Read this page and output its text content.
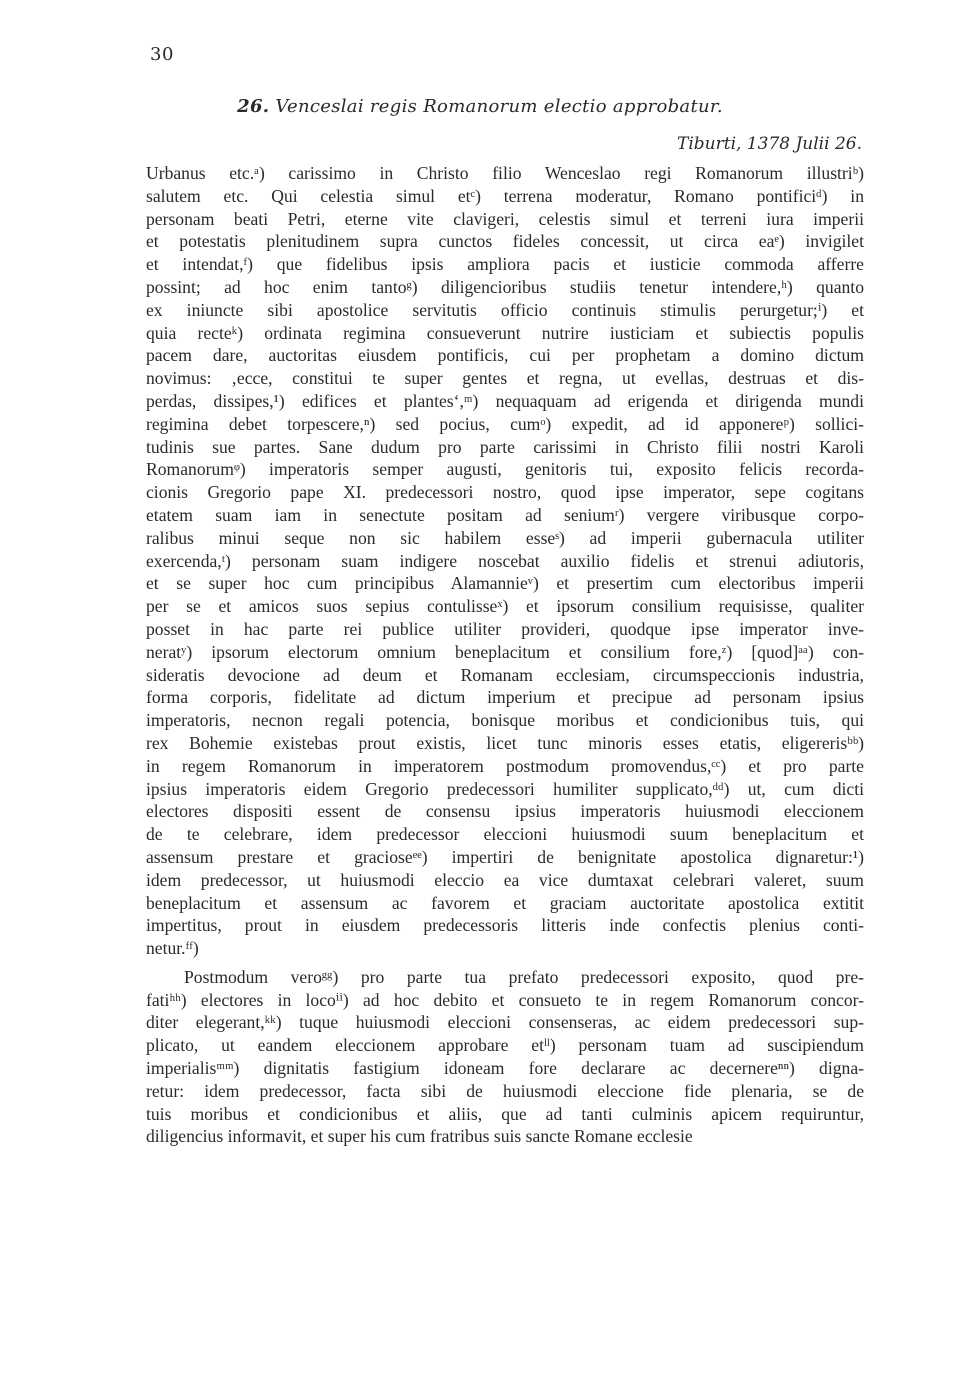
30
26. Venceslai regis Romanorum electio approbatur.
Tiburti, 1378 Julii 26.
Urbanus etc.ᵃ) carissimo in Christo filio Wenceslao regi Romanorum illustriᵇ)
salutem etc. Qui celestia simul etᶜ) terrena moderatur, Romano pontificiᵈ) in
personam beati Petri, eterne vite clavigeri, celestis simul et terreni iura imperii
et potestatis plenitudinem supra cunctos fideles concessit, ut circa eaᵉ) invigilet
et intendat,ᶠ) que fidelibus ipsis ampliora pacis et iusticie commoda afferre
possint; ad hoc enim tantoᵍ) diligencioribus studiis tenetur intendere,ʰ) quanto
ex iniuncte sibi apostolice servitutis officio continuis stimulis perurgetur;ⁱ) et
quia recteᵏ) ordinata regimina consueverunt nutrire iusticiam et subiectis populis
pacem dare, auctoritas eiusdem pontificis, cui per prophetam a domino dictum
novimus: ‚ecce, constitui te super gentes et regna, ut evellas, destruas et dis-
perdas, dissipes,¹) edifices et plantes‘,ᵐ) nequaquam ad erigenda et dirigenda mundi
regimina debet torpescere,ⁿ) sed pocius, cumᵒ) expedit, ad id apponereᵖ) sollici-
tudinis sue partes. Sane dudum pro parte carissimi in Christo filii nostri Karoli
Romanorumᵠ) imperatoris semper augusti, genitoris tui, exposito felicis recorda-
cionis Gregorio pape XI. predecessori nostro, quod ipse imperator, sepe cogitans
etatem suam iam in senectute positam ad seniumʳ) vergere viribusque corpo-
ralibus minui seque non sic habilem esseˢ) ad imperii gubernacula utiliter
exercenda,ᵗ) personam suam indigere noscebat auxilio fidelis et strenui adiutoris,
et se super hoc cum principibus Alamannieᵛ) et presertim cum electoribus imperii
per se et amicos suos sepius contulisseˣ) et ipsorum consilium requisisse, qualiter
posset in hac parte rei publice utiliter provideri, quodque ipse imperator inve-
neratʸ) ipsorum electorum omnium beneplacitum et consilium fore,ᶻ) [quod]ᵃᵃ) con-
sideratis devocione ad deum et Romanam ecclesiam, circumspeccionis industria,
forma corporis, fidelitate ad dictum imperium et precipue ad personam ipsius
imperatoris, necnon regali potencia, bonisque moribus et condicionibus tuis, qui
rex Bohemie existebas prout existis, licet tunc minoris esses etatis, eligererisᵇᵇ)
in regem Romanorum in imperatorem postmodum promovendus,ᶜᶜ) et pro parte
ipsius imperatoris eidem Gregorio predecessori humiliter supplicato,ᵈᵈ) ut, cum dicti
electores dispositi essent de consensu ipsius imperatoris huiusmodi eleccionem
de te celebrare, idem predecessor eleccioni huiusmodi suum beneplacitum et
assensum prestare et gracioseᵉᵉ) impertiri de benignitate apostolica dignaretur:¹)
idem predecessor, ut huiusmodi eleccio ea vice dumtaxat celebrari valeret, suum
beneplacitum et assensum ac favorem et graciam auctoritate apostolica extitit
impertitus, prout in eiusdem predecessoris litteris inde confectis plenius conti-
netur.ᶠᶠ)
Postmodum veroᵍᵍ) pro parte tua prefato predecessori exposito, quod pre-
fatiʰʰ) electores in locoⁱⁱ) ad hoc debito et consueto te in regem Romanorum concor-
diter elegerant,ᵏᵏ) tuque huiusmodi eleccioni consenseras, ac eidem predecessori sup-
plicato, ut eandem eleccionem approbare etˡˡ) personam tuam ad suscipiendum
imperialisᵐᵐ) dignitatis fastigium idoneam fore declarare ac decernereⁿⁿ) digna-
retur: idem predecessor, facta sibi de huiusmodi eleccione fide plenaria, se de
tuis moribus et condicionibus et aliis, que ad tanti culminis apicem requiruntur,
diligencius informavit, et super his cum fratribus suis sancte Romane ecclesie
